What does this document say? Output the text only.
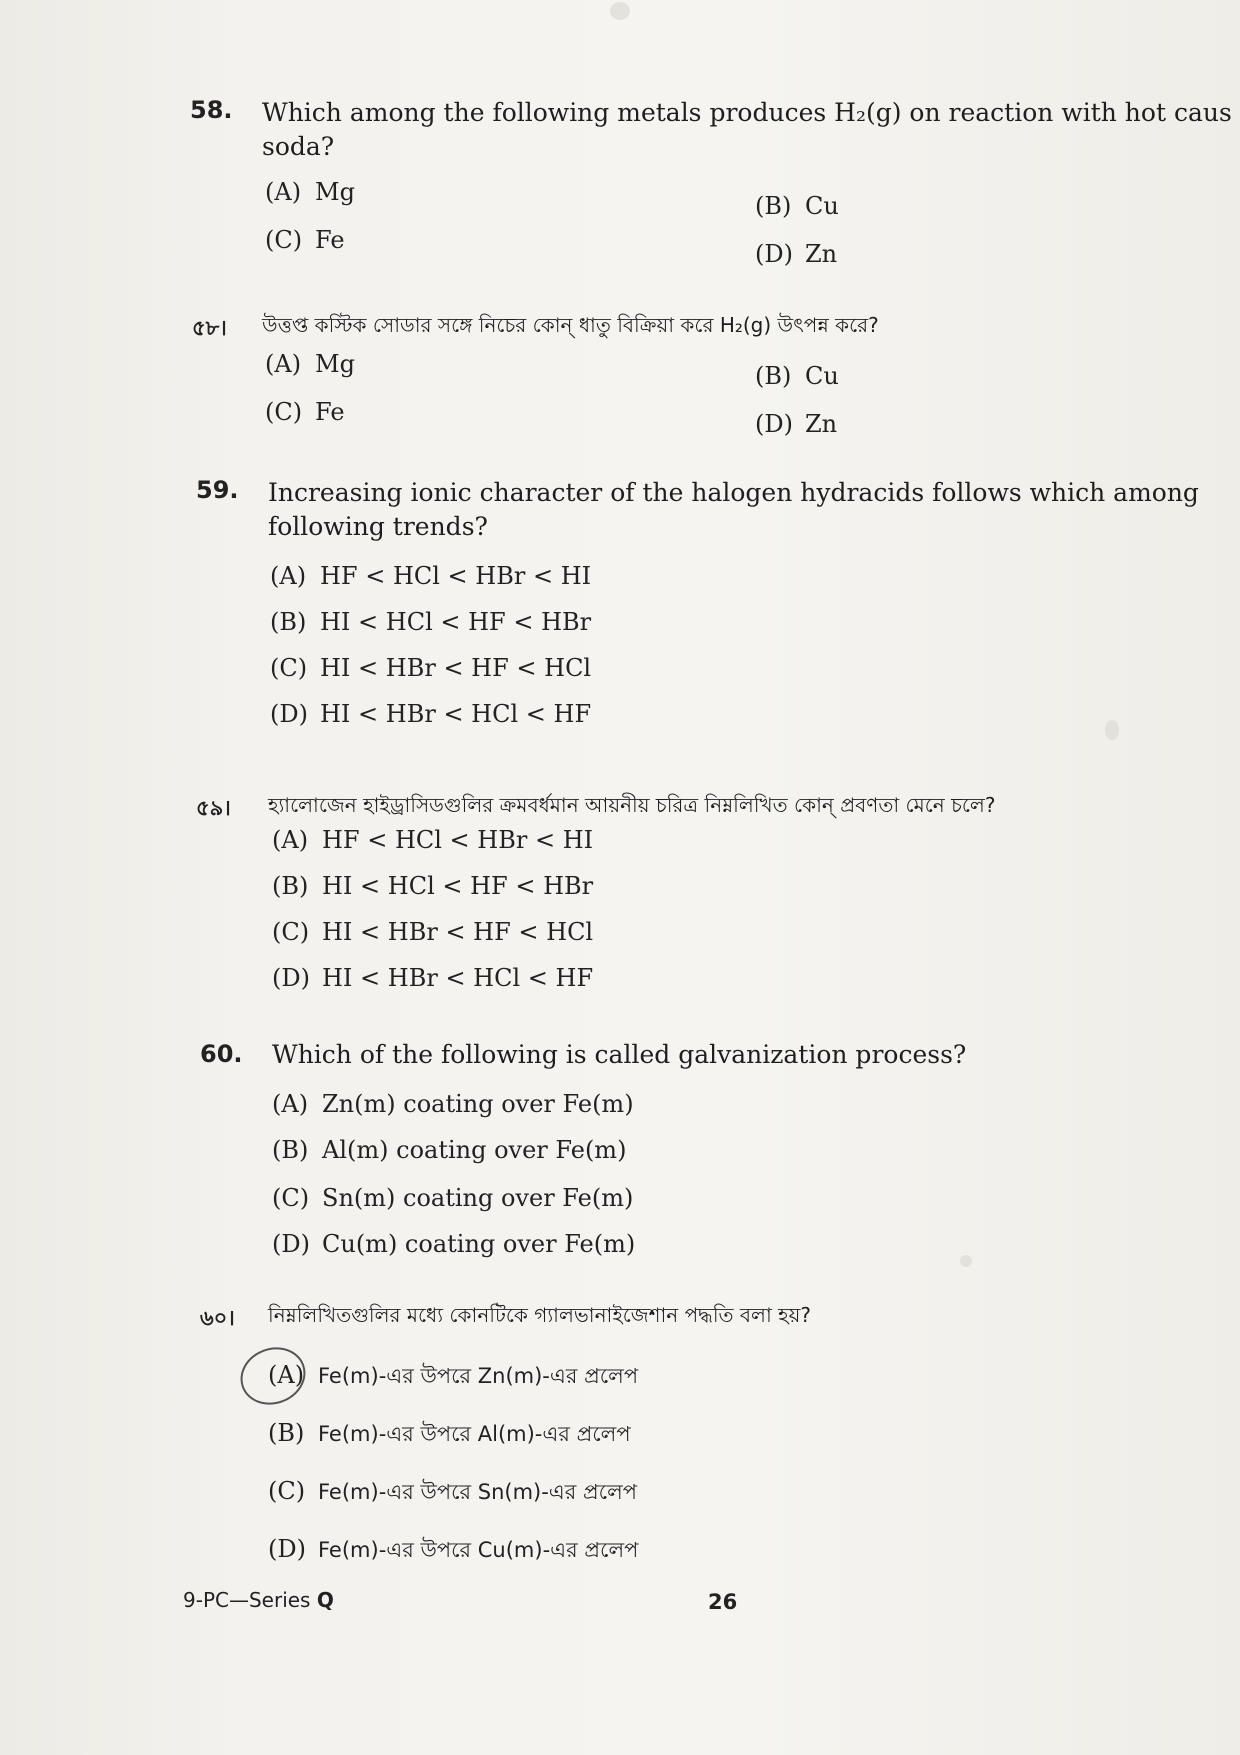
58. Which among the following metals produces H₂(g) on reaction with hot caus
soda?
(A) Mg	(B) Cu
(C) Fe	(D) Zn
৫৮। উত্তপ্ত কস্টিক সোডার সঙ্গে নিচের কোন্ ধাতু বিক্রিয়া করে H₂(g) উৎপন্ন করে?
(A) Mg	(B) Cu
(C) Fe	(D) Zn
59. Increasing ionic character of the halogen hydracids follows which among
following trends?
(A) HF < HCl < HBr < HI
(B) HI < HCl < HF < HBr
(C) HI < HBr < HF < HCl
(D) HI < HBr < HCl < HF
৫৯। হ্যালোজেন হাইড্রাসিডগুলির ক্রমবর্ধমান আয়নীয় চরিত্র নিম্নলিখিত কোন্ প্রবণতা মেনে চলে?
(A) HF < HCl < HBr < HI
(B) HI < HCl < HF < HBr
(C) HI < HBr < HF < HCl
(D) HI < HBr < HCl < HF
60. Which of the following is called galvanization process?
(A) Zn(m) coating over Fe(m)
(B) Al(m) coating over Fe(m)
(C) Sn(m) coating over Fe(m)
(D) Cu(m) coating over Fe(m)
৬০। নিম্নলিখিতগুলির মধ্যে কোনটিকে গ্যালভানাইজেশান পদ্ধতি বলা হয়?
(A) Fe(m)-এর উপরে Zn(m)-এর প্রলেপ
(B) Fe(m)-এর উপরে Al(m)-এর প্রলেপ
(C) Fe(m)-এর উপরে Sn(m)-এর প্রলেপ
(D) Fe(m)-এর উপরে Cu(m)-এর প্রলেপ
9-PC—Series Q	26
